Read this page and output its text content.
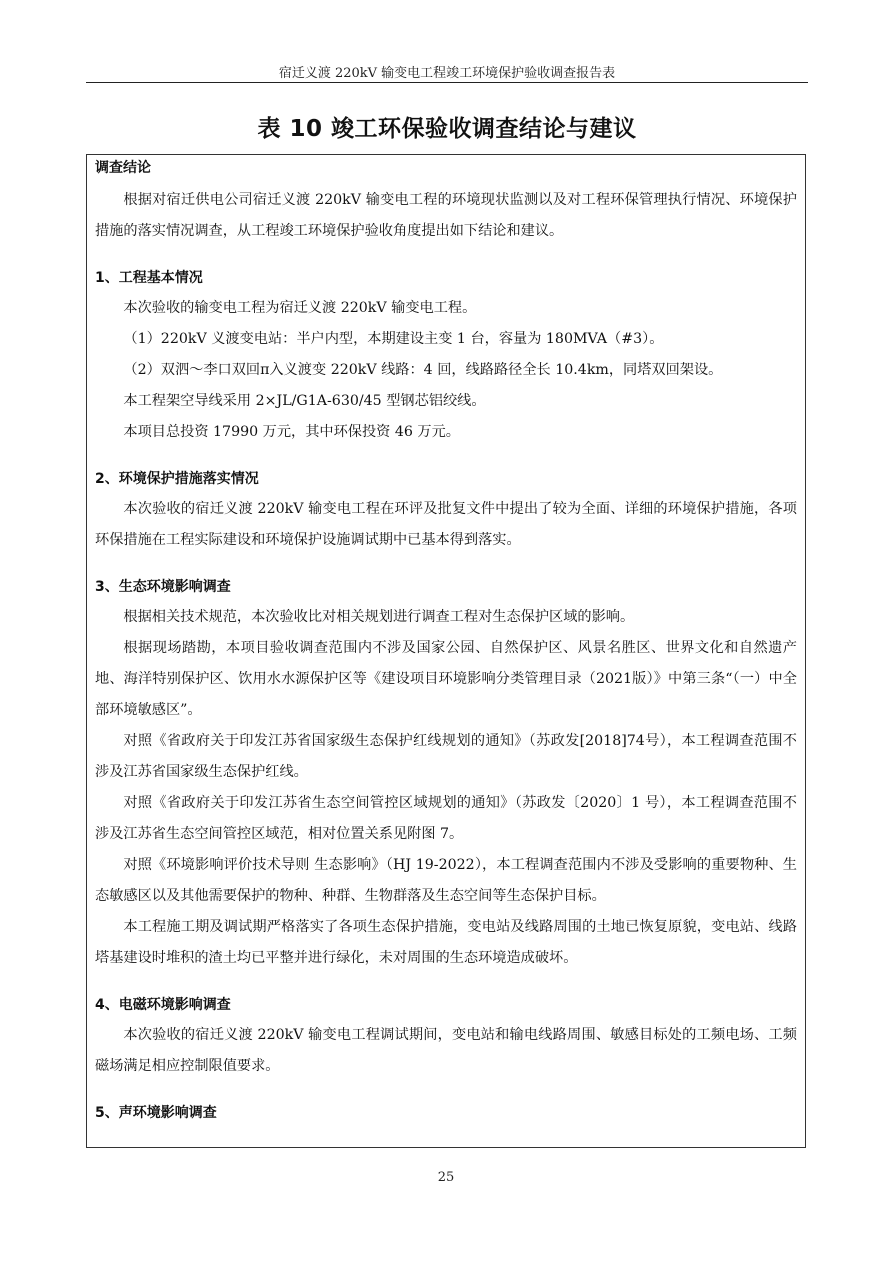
宿迁义渡 220kV 输变电工程竣工环境保护验收调查报告表
表 10 竣工环保验收调查结论与建议

调查结论

根据对宿迁供电公司宿迁义渡 220kV 输变电工程的环境现状监测以及对工程环保管理执行情况、环境保护措施的落实情况调查，从工程竣工环境保护验收角度提出如下结论和建议。

1、工程基本情况

本次验收的输变电工程为宿迁义渡 220kV 输变电工程。

（1）220kV 义渡变电站：半户内型，本期建设主变 1 台，容量为 180MVA（#3）。

（2）双泗～李口双回π入义渡变 220kV 线路：4 回，线路路径全长 10.4km，同塔双回架设。

本工程架空导线采用 2×JL/G1A-630/45 型钢芯铝绞线。

本项目总投资 17990 万元，其中环保投资 46 万元。

2、环境保护措施落实情况

本次验收的宿迁义渡 220kV 输变电工程在环评及批复文件中提出了较为全面、详细的环境保护措施，各项环保措施在工程实际建设和环境保护设施调试期中已基本得到落实。

3、生态环境影响调查

根据相关技术规范，本次验收比对相关规划进行调查工程对生态保护区域的影响。

根据现场踏勘，本项目验收调查范围内不涉及国家公园、自然保护区、风景名胜区、世界文化和自然遗产地、海洋特别保护区、饮用水水源保护区等《建设项目环境影响分类管理目录（2021版）》中第三条“（一）中全部环境敏感区”。

对照《省政府关于印发江苏省国家级生态保护红线规划的通知》（苏政发[2018]74号），本工程调查范围不涉及江苏省国家级生态保护红线。

对照《省政府关于印发江苏省生态空间管控区域规划的通知》（苏政发〔2020〕1 号），本工程调查范围不涉及江苏省生态空间管控区域范，相对位置关系见附图 7。

对照《环境影响评价技术导则 生态影响》（HJ 19-2022），本工程调查范围内不涉及受影响的重要物种、生态敏感区以及其他需要保护的物种、种群、生物群落及生态空间等生态保护目标。

本工程施工期及调试期严格落实了各项生态保护措施，变电站及线路周围的土地已恢复原貌，变电站、线路塔基建设时堆积的渣土均已平整并进行绿化，未对周围的生态环境造成破坏。

4、电磁环境影响调查

本次验收的宿迁义渡 220kV 输变电工程调试期间，变电站和输电线路周围、敏感目标处的工频电场、工频磁场满足相应控制限值要求。

5、声环境影响调查

25
